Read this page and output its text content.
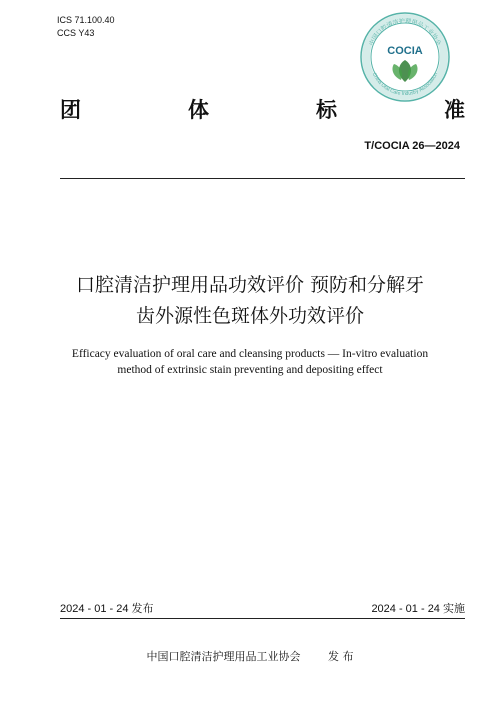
ICS 71.100.40
CCS Y43
中国口腔清洁护理用品工业协会
China Oral Care Industry Association
COCIA
团	体	标	准
T/COCIA 26—2024
口腔清洁护理用品功效评价 预防和分解牙
齿外源性色斑体外功效评价
Efficacy evaluation of oral care and cleansing products — In-vitro evaluation
method of extrinsic stain preventing and depositing effect
2024 - 01 - 24 发布	2024 - 01 - 24 实施
中国口腔清洁护理用品工业协会	发 布
